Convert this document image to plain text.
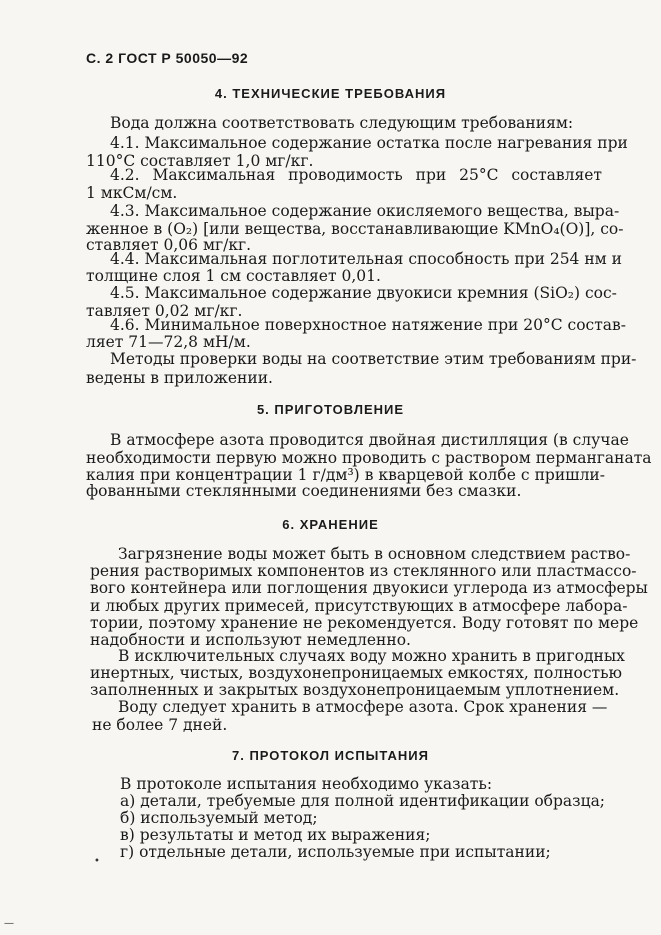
С. 2 ГОСТ Р 50050—92
4. ТЕХНИЧЕСКИЕ ТРЕБОВАНИЯ
Вода должна соответствовать следующим требованиям:
4.1. Максимальное содержание остатка после нагревания при
110°С составляет 1,0 мг/кг.
4.2. Максимальная проводимость при 25°С составляет
1 мкСм/см.
4.3. Максимальное содержание окисляемого вещества, выра-
женное в (O₂) [или вещества, восстанавливающие KMnO₄(O)], со-
ставляет 0,06 мг/кг.
4.4. Максимальная поглотительная способность при 254 нм и
толщине слоя 1 см составляет 0,01.
4.5. Максимальное содержание двуокиси кремния (SiO₂) сос-
тавляет 0,02 мг/кг.
4.6. Минимальное поверхностное натяжение при 20°С состав-
ляет 71—72,8 мН/м.
Методы проверки воды на соответствие этим требованиям при-
ведены в приложении.
5. ПРИГОТОВЛЕНИЕ
В атмосфере азота проводится двойная дистилляция (в случае
необходимости первую можно проводить с раствором перманганата
калия при концентрации 1 г/дм³) в кварцевой колбе с пришли-
фованными стеклянными соединениями без смазки.
6. ХРАНЕНИЕ
Загрязнение воды может быть в основном следствием раство-
рения растворимых компонентов из стеклянного или пластмассо-
вого контейнера или поглощения двуокиси углерода из атмосферы
и любых других примесей, присутствующих в атмосфере лабора-
тории, поэтому хранение не рекомендуется. Воду готовят по мере
надобности и используют немедленно.
В исключительных случаях воду можно хранить в пригодных
инертных, чистых, воздухонепроницаемых емкостях, полностью
заполненных и закрытых воздухонепроницаемым уплотнением.
Воду следует хранить в атмосфере азота. Срок хранения —
не более 7 дней.
7. ПРОТОКОЛ ИСПЫТАНИЯ
В протоколе испытания необходимо указать:
а) детали, требуемые для полной идентификации образца;
б) используемый метод;
в) результаты и метод их выражения;
г) отдельные детали, используемые при испытании;
•
—
